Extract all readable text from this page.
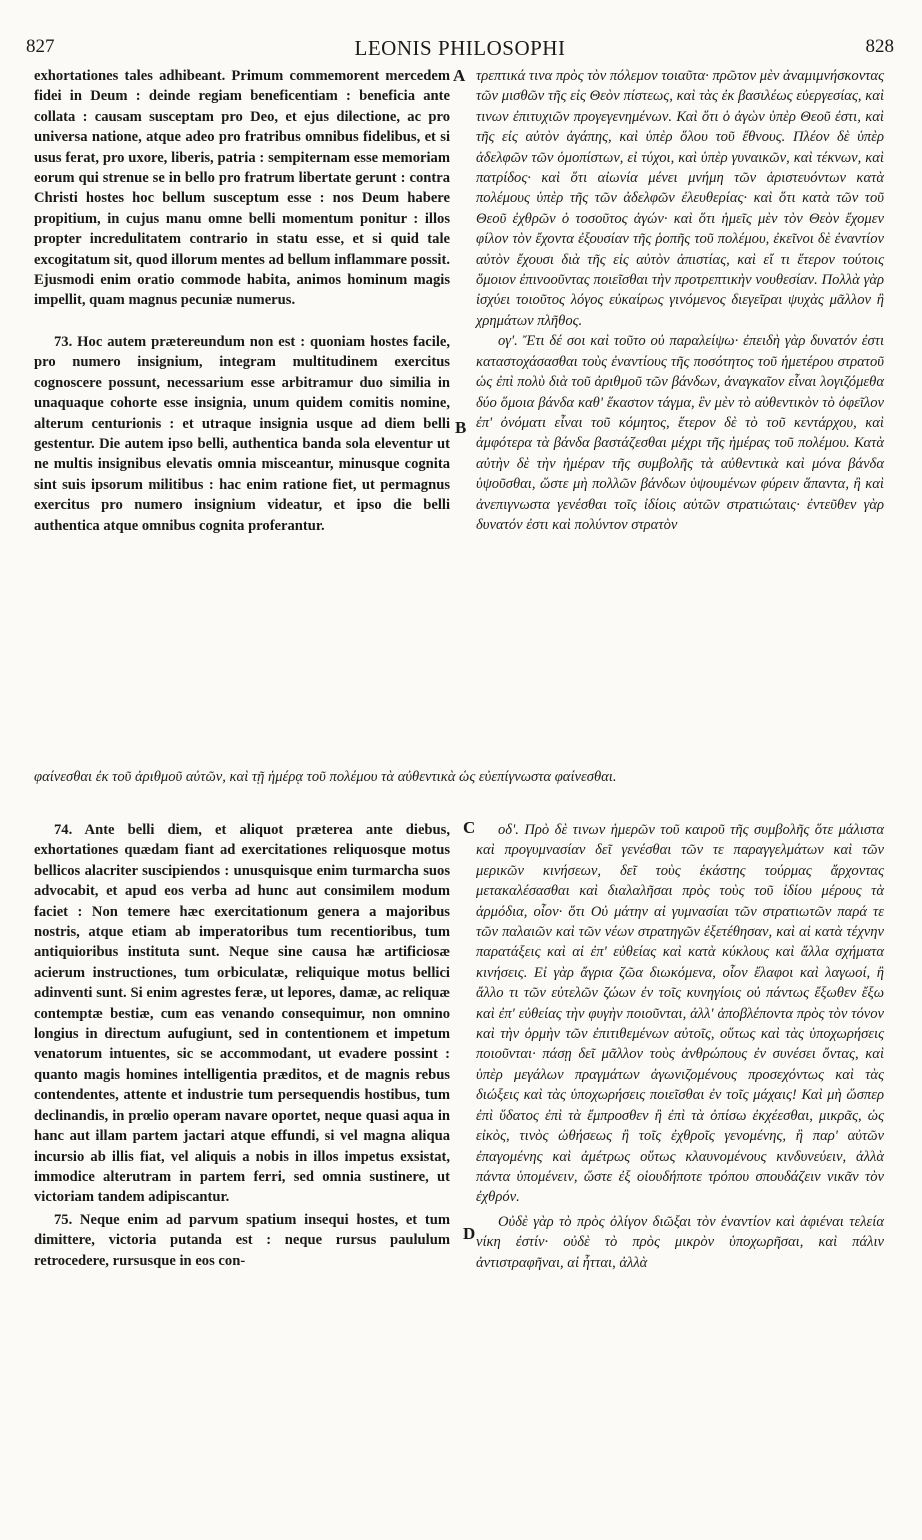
827	LEONIS PHILOSOPHI	828
A
B
C
D

exhortationes tales adhibeant. Primum commemorent mercedem fidei in Deum : deinde regiam beneficentiam : beneficia ante collata : causam susceptam pro Deo, et ejus dilectione, ac pro universa natione, atque adeo pro fratribus omnibus fidelibus, et si usus ferat, pro uxore, liberis, patria : sempiternam esse memoriam eorum qui strenue se in bello pro fratrum libertate gerunt : contra Christi hostes hoc bellum susceptum esse : nos Deum habere propitium, in cujus manu omne belli momentum ponitur : illos propter incredulitatem contrario in statu esse, et si quid tale excogitatum sit, quod illorum mentes ad bellum inflammare possit. Ejusmodi enim oratio commode habita, animos hominum magis impellit, quam magnus pecuniæ numerus.

73. Hoc autem prætereundum non est : quoniam hostes facile, pro numero insignium, integram multitudinem exercitus cognoscere possunt, necessarium esse arbitramur duo similia in unaquaque cohorte esse insignia, unum quidem comitis nomine, alterum centurionis : et utraque insignia usque ad diem belli gestentur. Die autem ipso belli, authentica banda sola eleventur ut ne multis insignibus elevatis omnia misceantur, minusque cognita sint suis ipsorum militibus : hac enim ratione fiet, ut permagnus exercitus pro numero insignium videatur, et ipso die belli authentica atque omnibus cognita proferantur.

τρεπτικά τινα πρὸς τὸν πόλεμον τοιαῦτα· πρῶτον μὲν ἀναμιμνήσκοντας τῶν μισθῶν τῆς εἰς Θεὸν πίστεως, καὶ τὰς ἐκ βασιλέως εὐεργεσίας, καὶ τινων ἐπιτυχιῶν προγεγενημένων. Καὶ ὅτι ὁ ἀγὼν ὑπὲρ Θεοῦ ἐστι, καὶ τῆς εἰς αὐτὸν ἀγάπης, καὶ ὑπὲρ ὅλου τοῦ ἔθνους. Πλέον δὲ ὑπὲρ ἀδελφῶν τῶν ὁμοπίστων, εἰ τύχοι, καὶ ὑπὲρ γυναικῶν, καὶ τέκνων, καὶ πατρίδος· καὶ ὅτι αἰωνία μένει μνήμη τῶν ἀριστευόντων κατὰ πολέμους ὑπὲρ τῆς τῶν ἀδελφῶν ἐλευθερίας· καὶ ὅτι κατὰ τῶν τοῦ Θεοῦ ἐχθρῶν ὁ τοσοῦτος ἀγών· καὶ ὅτι ἡμεῖς μὲν τὸν Θεὸν ἔχομεν φίλον τὸν ἔχοντα ἐξουσίαν τῆς ῥοπῆς τοῦ πολέμου, ἐκεῖνοι δὲ ἐναντίον αὐτὸν ἔχουσι διὰ τῆς εἰς αὐτὸν ἀπιστίας, καὶ εἴ τι ἕτερον τούτοις ὅμοιον ἐπινοοῦντας ποιεῖσθαι τὴν προτρεπτικὴν νουθεσίαν. Πολλὰ γὰρ ἰσχύει τοιοῦτος λόγος εὐκαίρως γινόμενος διεγεῖραι ψυχὰς μᾶλλον ἢ χρημάτων πλῆθος.

ογ'. Ἔτι δέ σοι καὶ τοῦτο οὐ παραλείψω· ἐπειδὴ γὰρ δυνατόν ἐστι καταστοχάσασθαι τοὺς ἐναντίους τῆς ποσότητος τοῦ ἡμετέρου στρατοῦ ὡς ἐπὶ πολὺ διὰ τοῦ ἀριθμοῦ τῶν βάνδων, ἀναγκαῖον εἶναι λογιζόμεθα δύο ὅμοια βάνδα καθ' ἕκαστον τάγμα, ἓν μὲν τὸ αὐθεντικὸν τὸ ὀφεῖλον ἐπ' ὀνόματι εἶναι τοῦ κόμητος, ἕτερον δὲ τὸ τοῦ κεντάρχου, καὶ ἀμφότερα τὰ βάνδα βαστάζεσθαι μέχρι τῆς ἡμέρας τοῦ πολέμου. Κατὰ αὐτὴν δὲ τὴν ἡμέραν τῆς συμβολῆς τὰ αὐθεντικὰ καὶ μόνα βάνδα ὑψοῦσθαι, ὥστε μὴ πολλῶν βάνδων ὑψουμένων φύρειν ἅπαντα, ἢ καὶ ἀνεπιγνωστα γενέσθαι τοῖς ἰδίοις αὐτῶν στρατιώταις· ἐντεῦθεν γὰρ δυνατόν ἐστι καὶ πολύντον στρατὸν

φαίνεσθαι ἐκ τοῦ ἀριθμοῦ αὐτῶν, καὶ τῇ ἡμέρᾳ τοῦ πολέμου τὰ αὐθεντικὰ ὡς εὐεπίγνωστα φαίνεσθαι.

74. Ante belli diem, et aliquot præterea ante diebus, exhortationes quædam fiant ad exercitationes reliquosque motus bellicos alacriter suscipiendos : unusquisque enim turmarcha suos advocabit, et apud eos verba ad hunc aut consimilem modum faciet : Non temere hæc exercitationum genera a majoribus nostris, atque etiam ab imperatoribus tum recentioribus, tum antiquioribus instituta sunt. Neque sine causa hæ artificiosæ acierum instructiones, tum orbiculatæ, reliquique motus bellici adinventi sunt. Si enim agrestes feræ, ut lepores, damæ, ac reliquæ contemptæ bestiæ, cum eas venando consequimur, non omnino longius in directum aufugiunt, sed in contentionem et impetum venatorum intuentes, sic se accommodant, ut evadere possint : quanto magis homines intelligentia præditos, et de magnis rebus contendentes, attente et industrie tum persequendis hostibus, tum declinandis, in prœlio operam navare oportet, neque quasi aqua in hanc aut illam partem jactari atque effundi, si vel magna aliqua incursio ab illis fiat, vel aliquis a nobis in illos impetus exsistat, immodice alterutram in partem ferri, sed omnia sustinere, ut victoriam tandem adipiscantur.

75. Neque enim ad parvum spatium insequi hostes, et tum dimittere, victoria putanda est : neque rursus paululum retrocedere, rursusque in eos con-

οδ'. Πρὸ δὲ τινων ἡμερῶν τοῦ καιροῦ τῆς συμβολῆς ὅτε μάλιστα καὶ προγυμνασίαν δεῖ γενέσθαι τῶν τε παραγγελμάτων καὶ τῶν μερικῶν κινήσεων, δεῖ τοὺς ἑκάστης τούρμας ἄρχοντας μετακαλέσασθαι καὶ διαλαλῆσαι πρὸς τοὺς τοῦ ἰδίου μέρους τὰ ἁρμόδια, οἷον· ὅτι Οὐ μάτην αἱ γυμνασίαι τῶν στρατιωτῶν παρά τε τῶν παλαιῶν καὶ τῶν νέων στρατηγῶν ἐξετέθησαν, καὶ αἱ κατὰ τέχνην παρατάξεις καὶ αἱ ἐπ' εὐθείας καὶ κατὰ κύκλους καὶ ἄλλα σχήματα κινήσεις. Εἰ γὰρ ἄγρια ζῶα διωκόμενα, οἷον ἔλαφοι καὶ λαγωοί, ἢ ἄλλο τι τῶν εὐτελῶν ζώων ἐν τοῖς κυνηγίοις οὐ πάντως ἔξωθεν ἔξω καὶ ἐπ' εὐθείας τὴν φυγὴν ποιοῦνται, ἀλλ' ἀποβλέποντα πρὸς τὸν τόνον καὶ τὴν ὁρμὴν τῶν ἐπιτιθεμένων αὐτοῖς, οὕτως καὶ τὰς ὑποχωρήσεις ποιοῦνται· πάσῃ δεῖ μᾶλλον τοὺς ἀνθρώπους ἐν συνέσει ὄντας, καὶ ὑπὲρ μεγάλων πραγμάτων ἀγωνιζομένους προσεχόντως καὶ τὰς διώξεις καὶ τὰς ὑποχωρήσεις ποιεῖσθαι ἐν τοῖς μάχαις! Καὶ μὴ ὥσπερ ἐπὶ ὕδατος ἐπὶ τὰ ἔμπροσθεν ἢ ἐπὶ τὰ ὀπίσω ἐκχέεσθαι, μικρᾶς, ὡς εἰκὸς, τινὸς ὠθήσεως ἢ τοῖς ἐχθροῖς γενομένης, ἢ παρ' αὐτῶν ἐπαγομένης καὶ ἀμέτρως οὕτως κλαυνομένους κινδυνεύειν, ἀλλὰ πάντα ὑπομένειν, ὥστε ἐξ οἱουδήποτε τρόπου σπουδάζειν νικᾶν τὸν ἐχθρόν.

Οὐδὲ γὰρ τὸ πρὸς ὀλίγον διῶξαι τὸν ἐναντίον καὶ ἀφιέναι τελεία νίκη ἐστίν· οὐδὲ τὸ πρὸς μικρὸν ὑποχωρῆσαι, καὶ πάλιν ἀντιστραφῆναι, αἱ ἧτται, ἀλλὰ
